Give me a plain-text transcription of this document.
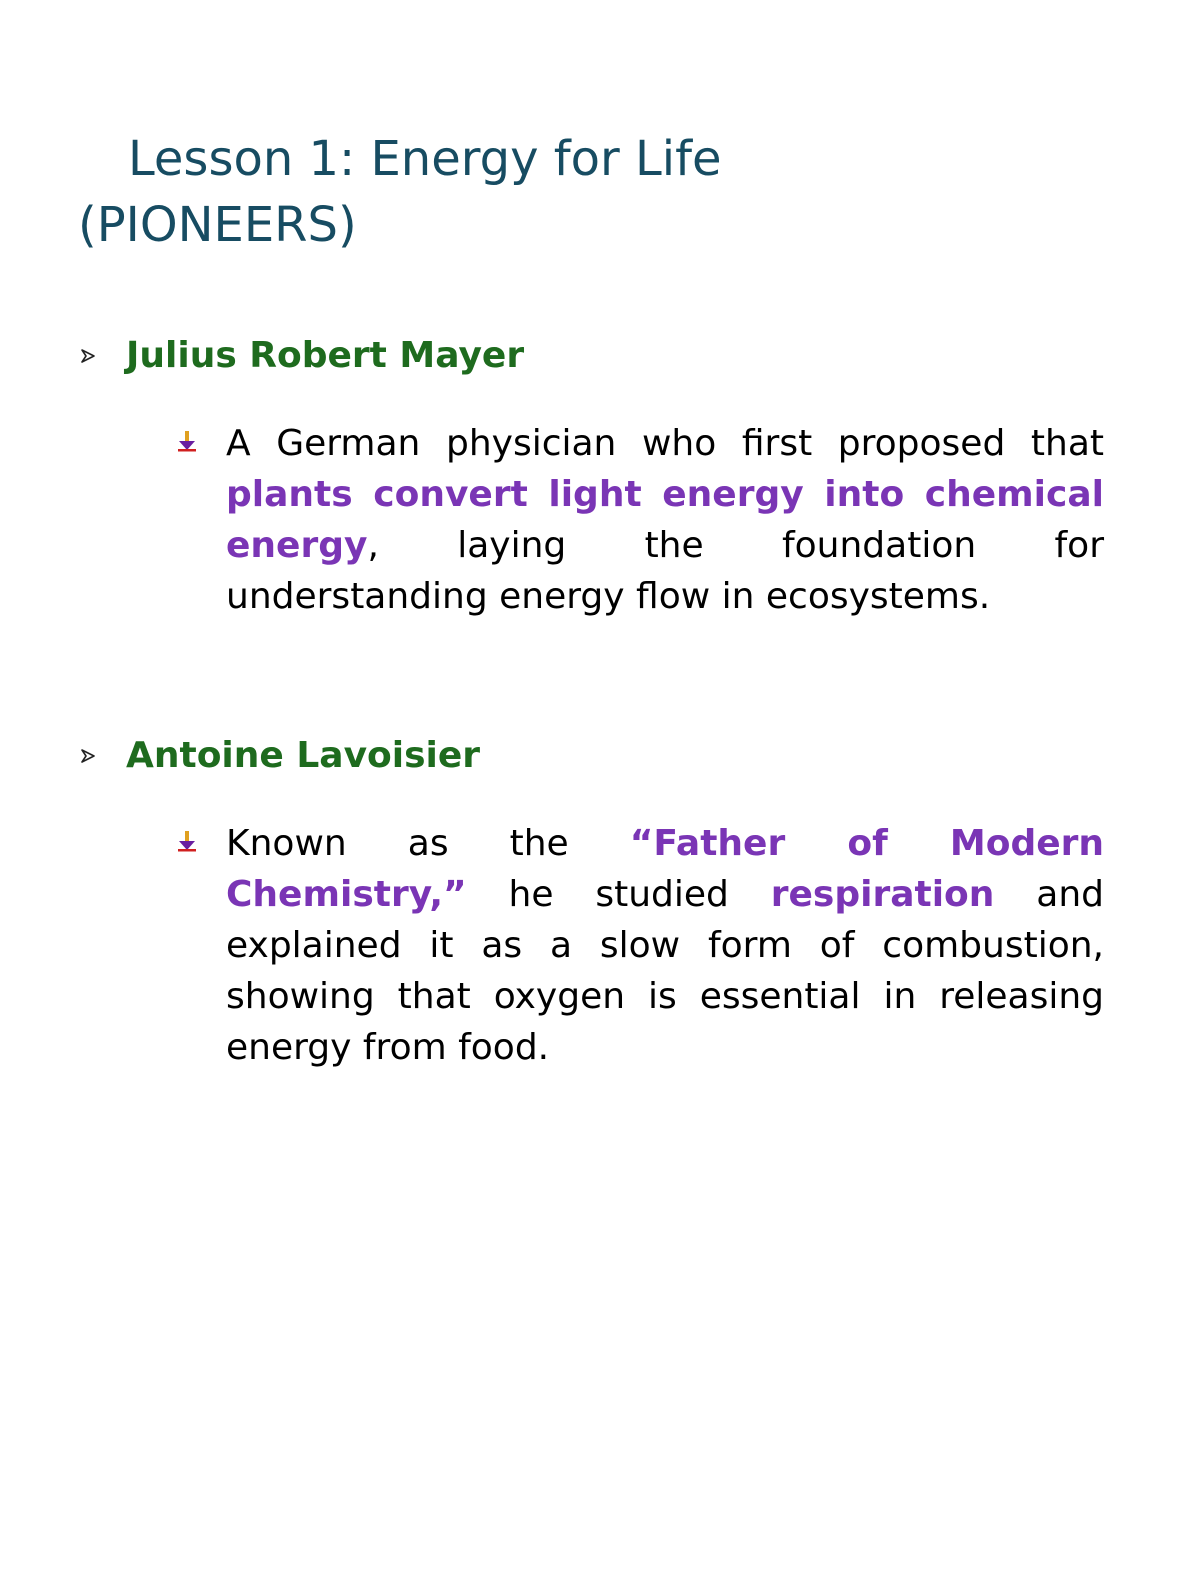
Lesson 1: Energy for Life
(PIONEERS)
Julius Robert Mayer

A German physician who first proposed that plants convert light energy into chemical energy, laying the foundation for understanding energy flow in ecosystems.

Antoine Lavoisier

Known as the “Father of Modern Chemistry,” he studied respiration and explained it as a slow form of combustion, showing that oxygen is essential in releasing energy from food.
